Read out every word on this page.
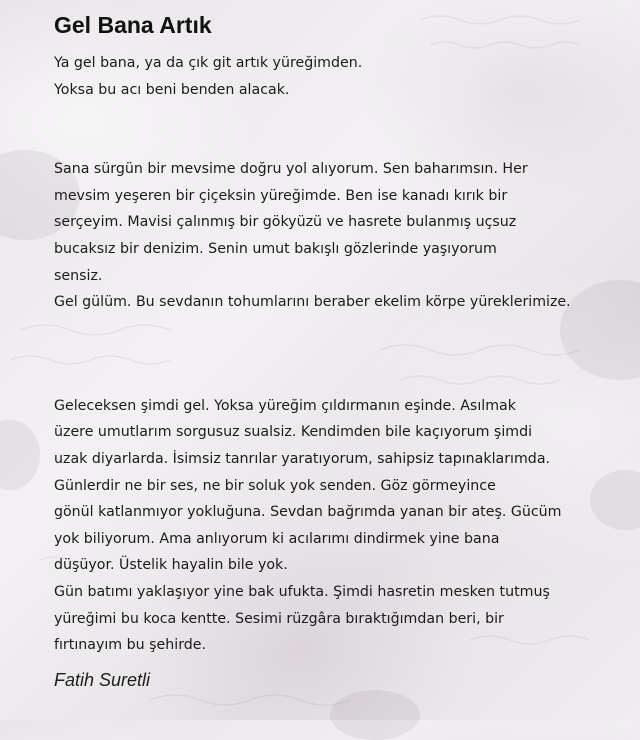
Gel Bana Artık

Ya gel bana, ya da çık git artık yüreğimden.
Yoksa bu acı beni benden alacak.

Sana sürgün bir mevsime doğru yol alıyorum. Sen baharımsın. Her
mevsim yeşeren bir çiçeksin yüreğimde. Ben ise kanadı kırık bir
serçeyim. Mavisi çalınmış bir gökyüzü ve hasrete bulanmış uçsuz
bucaksız bir denizim. Senin umut bakışlı gözlerinde yaşıyorum
sensiz.
Gel gülüm. Bu sevdanın tohumlarını beraber ekelim körpe yüreklerimize.

Geleceksen şimdi gel. Yoksa yüreğim çıldırmanın eşinde. Asılmak
üzere umutlarım sorgusuz sualsiz. Kendimden bile kaçıyorum şimdi
uzak diyarlarda. İsimsiz tanrılar yaratıyorum, sahipsiz tapınaklarımda.
Günlerdir ne bir ses, ne bir soluk yok senden. Göz görmeyince
gönül katlanmıyor yokluğuna. Sevdan bağrımda yanan bir ateş. Gücüm
yok biliyorum. Ama anlıyorum ki acılarımı dindirmek yine bana
düşüyor. Üstelik hayalin bile yok.
Gün batımı yaklaşıyor yine bak ufukta. Şimdi hasretin mesken tutmuş
yüreğimi bu koca kentte. Sesimi rüzgâra bıraktığımdan beri, bir
fırtınayım bu şehirde.

Fatih Suretli
